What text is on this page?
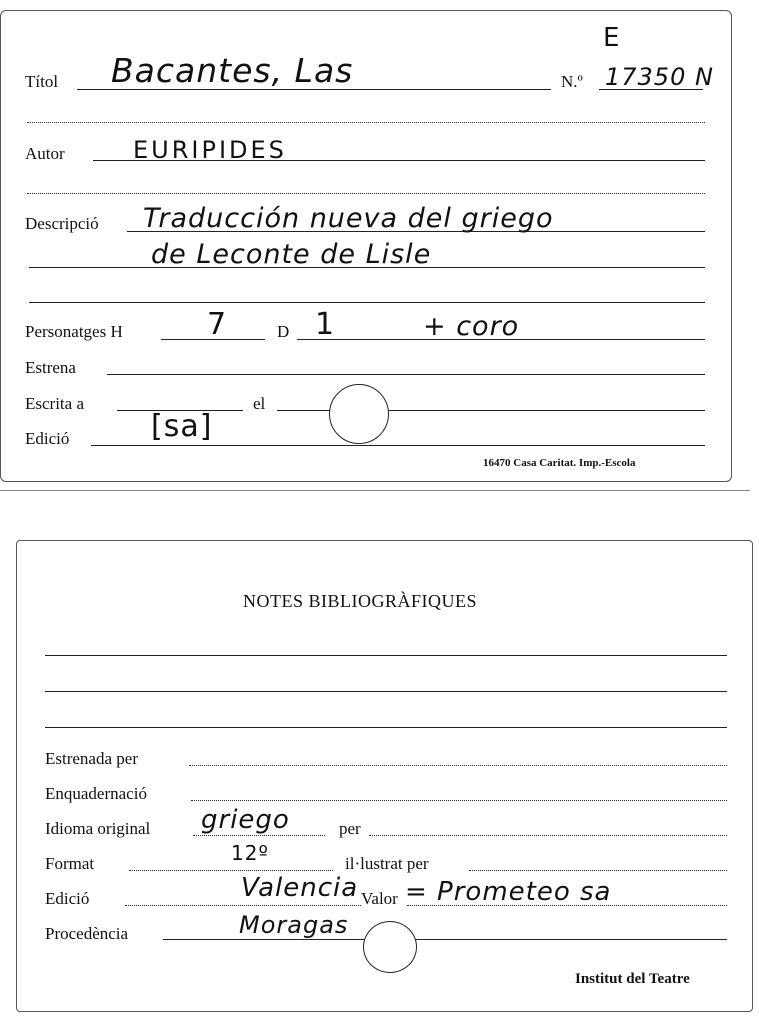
E
Títol Bacantes, Las	N.º 17350 N
Autor	EURIPIDES
Descripció Traducción nueva del griego
de Leconte de Lisle
Personatges H	7	D 1	+ coro
Estrena
Escrita a	el
Edició	[sa]
16470 Casa Caritat. Imp.-Escola
NOTES BIBLIOGRÀFIQUES
Estrenada per
Enquadernació
Idioma original griego	per
Format	12º	il·lustrat per
Edició	Valencia Valor = Prometeo sa
Procedència	Moragas
Institut del Teatre
